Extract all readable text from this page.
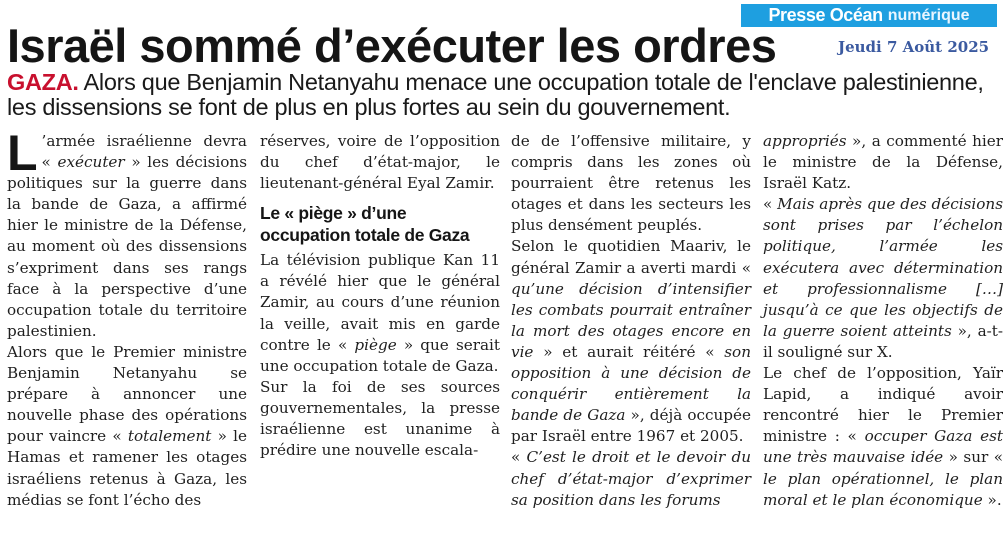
Presse Océan numérique
Israël sommé d’exécuter les ordres	Jeudi 7 Août 2025

GAZA. Alors que Benjamin Netanyahu menace une occupation totale de l'enclave palestinienne, les dissensions se font de plus en plus fortes au sein du gouvernement.

L ’armée israélienne devra « exécuter » les décisions politiques sur la guerre dans la bande de Gaza, a affirmé hier le ministre de la Défense, au moment où des dissensions s’expriment dans ses rangs face à la perspective d’une occupation totale du territoire palestinien.

Alors que le Premier ministre Benjamin Netanyahu se prépare à annoncer une nouvelle phase des opérations pour vaincre « totalement » le Hamas et ramener les otages israéliens retenus à Gaza, les médias se font l’écho des

réserves, voire de l’opposition du chef d’état-major, le lieutenant-général Eyal Zamir.

Le « piège » d’une occupation totale de Gaza

La télévision publique Kan 11 a révélé hier que le général Zamir, au cours d’une réunion la veille, avait mis en garde contre le « piège » que serait une occupation totale de Gaza.

Sur la foi de ses sources gouvernementales, la presse israélienne est unanime à prédire une nouvelle escala-

de de l’offensive militaire, y compris dans les zones où pourraient être retenus les otages et dans les secteurs les plus densément peuplés.

Selon le quotidien Maariv, le général Zamir a averti mardi « qu’une décision d’intensifier les combats pourrait entraîner la mort des otages encore en vie » et aurait réitéré « son opposition à une décision de conquérir entièrement la bande de Gaza », déjà occupée par Israël entre 1967 et 2005.

« C’est le droit et le devoir du chef d’état-major d’exprimer sa position dans les forums

appropriés », a commenté hier le ministre de la Défense, Israël Katz.

« Mais après que des décisions sont prises par l’échelon politique, l’armée les exécutera avec détermination et professionnalisme […] jusqu’à ce que les objectifs de la guerre soient atteints », a-t-il souligné sur X.

Le chef de l’opposition, Yaïr Lapid, a indiqué avoir rencontré hier le Premier ministre : « occuper Gaza est une très mauvaise idée » sur « le plan opérationnel, le plan moral et le plan économique ».
